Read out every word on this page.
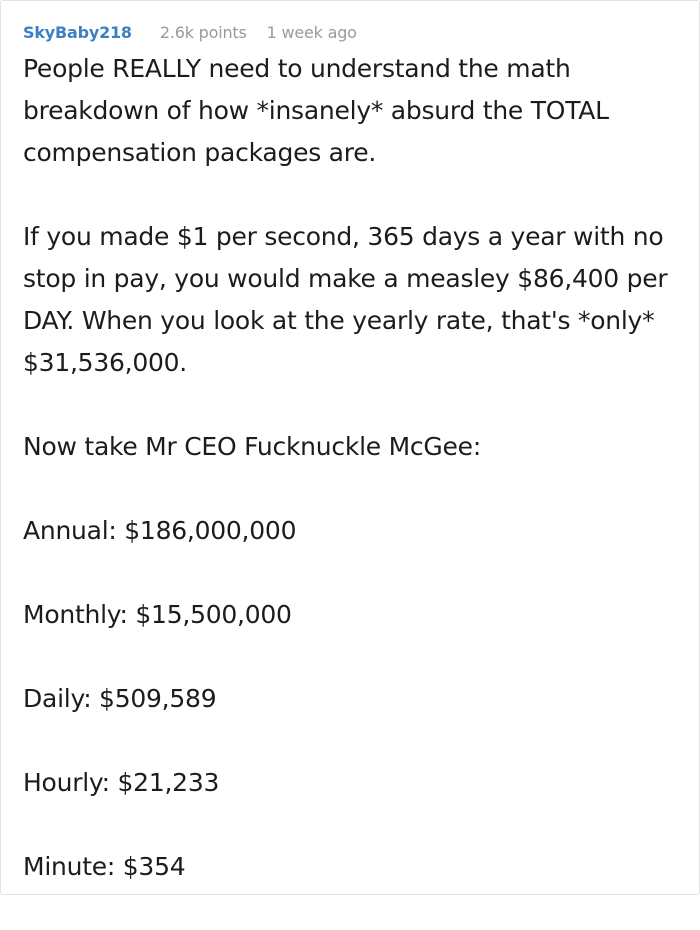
SkyBaby218 2.6k points 1 week ago

People REALLY need to understand the math breakdown of how *insanely* absurd the TOTAL compensation packages are.

If you made $1 per second, 365 days a year with no stop in pay, you would make a measley $86,400 per DAY. When you look at the yearly rate, that's *only* $31,536,000.

Now take Mr CEO Fucknuckle McGee:

Annual: $186,000,000

Monthly: $15,500,000

Daily: $509,589

Hourly: $21,233

Minute: $354
